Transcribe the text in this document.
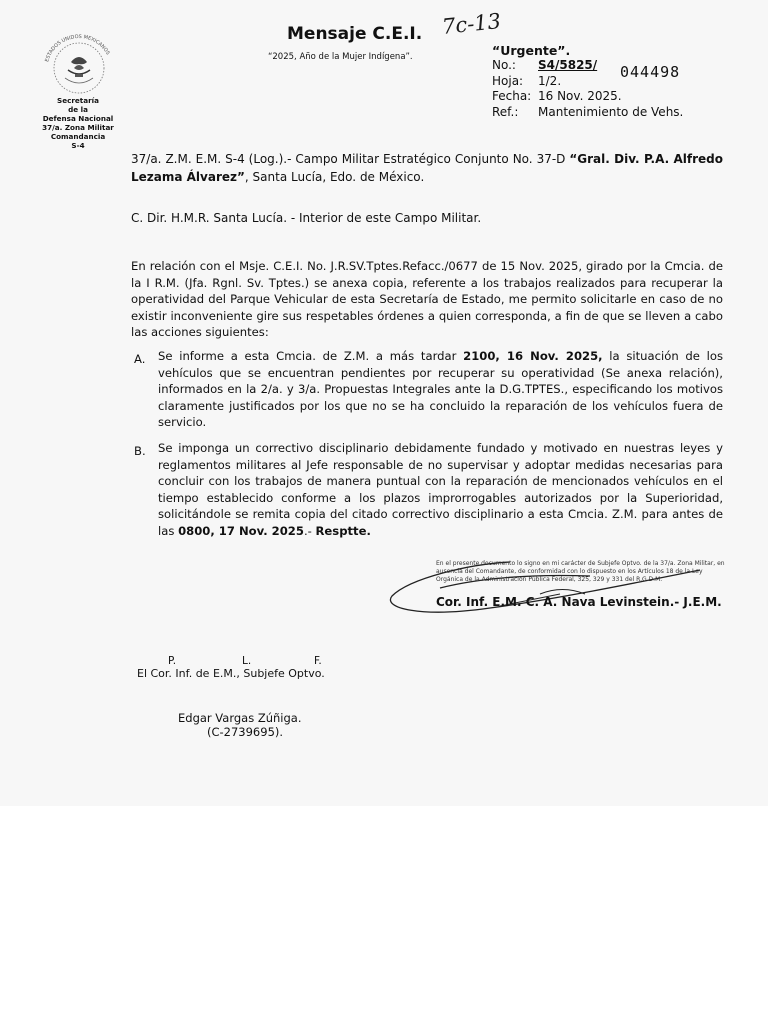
ESTADOS UNIDOS MEXICANOS
Secretaría
de la
Defensa Nacional
37/a. Zona Militar
Comandancia
S-4
Mensaje C.E.I. 7c-13
“2025, Año de la Mujer Indígena”.	“Urgente”.
No.: S4/5825/
Hoja: 1/2.
Fecha: 16 Nov. 2025.
Ref.: Mantenimiento de Vehs.
044498
37/a. Z.M. E.M. S-4 (Log.).- Campo Militar Estratégico Conjunto No. 37-D “Gral. Div. P.A. Alfredo Lezama Álvarez”, Santa Lucía, Edo. de México.
C. Dir. H.M.R. Santa Lucía. - Interior de este Campo Militar.
En relación con el Msje. C.E.I. No. J.R.SV.Tptes.Refacc./0677 de 15 Nov. 2025, girado por la Cmcia. de la I R.M. (Jfa. Rgnl. Sv. Tptes.) se anexa copia, referente a los trabajos realizados para recuperar la operatividad del Parque Vehicular de esta Secretaría de Estado, me permito solicitarle en caso de no existir inconveniente gire sus respetables órdenes a quien corresponda, a fin de que se lleven a cabo las acciones siguientes:
A. Se informe a esta Cmcia. de Z.M. a más tardar 2100, 16 Nov. 2025, la situación de los vehículos que se encuentran pendientes por recuperar su operatividad (Se anexa relación), informados en la 2/a. y 3/a. Propuestas Integrales ante la D.G.TPTES., especificando los motivos claramente justificados por los que no se ha concluido la reparación de los vehículos fuera de servicio.
B. Se imponga un correctivo disciplinario debidamente fundado y motivado en nuestras leyes y reglamentos militares al Jefe responsable de no supervisar y adoptar medidas necesarias para concluir con los trabajos de manera puntual con la reparación de mencionados vehículos en el tiempo establecido conforme a los plazos improrrogables autorizados por la Superioridad, solicitándole se remita copia del citado correctivo disciplinario a esta Cmcia. Z.M. para antes de las 0800, 17 Nov. 2025.- Resptte.
En el presente documento lo signo en mi carácter de Subjefe Optvo. de la 37/a. Zona Militar, en ausencia del Comandante, de conformidad con lo dispuesto en los Artículos 18 de la Ley Orgánica de la Administración Pública Federal, 325, 329 y 331 del R.G.D.M.
Cor. Inf. E.M. C. A. Nava Levinstein.- J.E.M.
P.	L.	F.
El Cor. Inf. de E.M., Subjefe Optvo.
Edgar Vargas Zúñiga.
(C-2739695).
